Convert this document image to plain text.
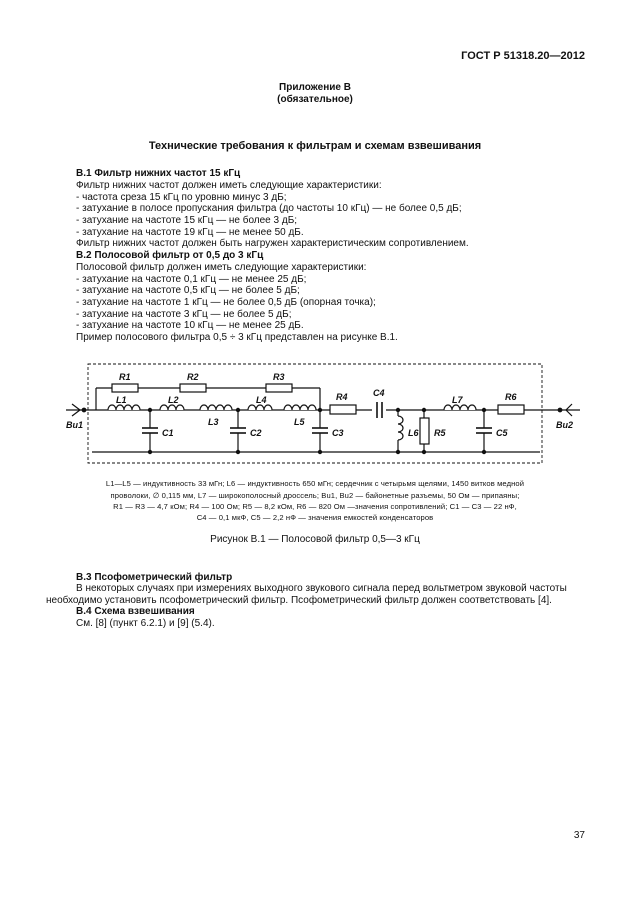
ГОСТ Р 51318.20—2012
Приложение В
(обязательное)
Технические требования к фильтрам и схемам взвешивания
В.1 Фильтр нижних частот 15 кГц
Фильтр нижних частот должен иметь следующие характеристики:
- частота среза 15 кГц по уровню минус 3 дБ;
- затухание в полосе пропускания фильтра (до частоты 10 кГц) — не более 0,5 дБ;
- затухание на частоте 15 кГц — не более 3 дБ;
- затухание на частоте 19 кГц — не менее 50 дБ.
Фильтр нижних частот должен быть нагружен характеристическим сопротивлением.
В.2 Полосовой фильтр от 0,5 до 3 кГц
Полосовой фильтр должен иметь следующие характеристики:
- затухание на частоте 0,1 кГц — не менее 25 дБ;
- затухание на частоте 0,5 кГц — не более 5 дБ;
- затухание на частоте 1 кГц — не более 0,5 дБ (опорная точка);
- затухание на частоте 3 кГц — не более 5 дБ;
- затухание на частоте 10 кГц — не менее 25 дБ.
Пример полосового фильтра 0,5 ÷ 3 кГц представлен на рисунке В.1.
R1	R2	R3
L1	L2
L3
L4
L5
L6
L7
R4
R5
R6
C1	C2	C3
C4
C5
Bu1	Bu2
L1—L5 — индуктивность 33 мГн; L6 — индуктивность 650 мГн; сердечник с четырьмя щелями, 1450 витков медной
проволоки, ∅ 0,115 мм, L7 — широкополосный дроссель; Bu1, Bu2 — байонетные разъемы, 50 Ом — припаяны;
R1 — R3 — 4,7 кОм; R4 — 100 Ом; R5 — 8,2 кОм, R6 — 820 Ом —значения сопротивлений; C1 — C3 — 22 нФ,
C4 — 0,1 мкФ, C5 — 2,2 нФ — значения емкостей конденсаторов
Рисунок В.1 — Полосовой фильтр 0,5—3 кГц
В.3 Псофометрический фильтр
В некоторых случаях при измерениях выходного звукового сигнала перед вольтметром звуковой частоты
необходимо установить псофометрический фильтр. Псофометрический фильтр должен соответствовать [4].
В.4 Схема взвешивания
См. [8] (пункт 6.2.1) и [9] (5.4).
37
